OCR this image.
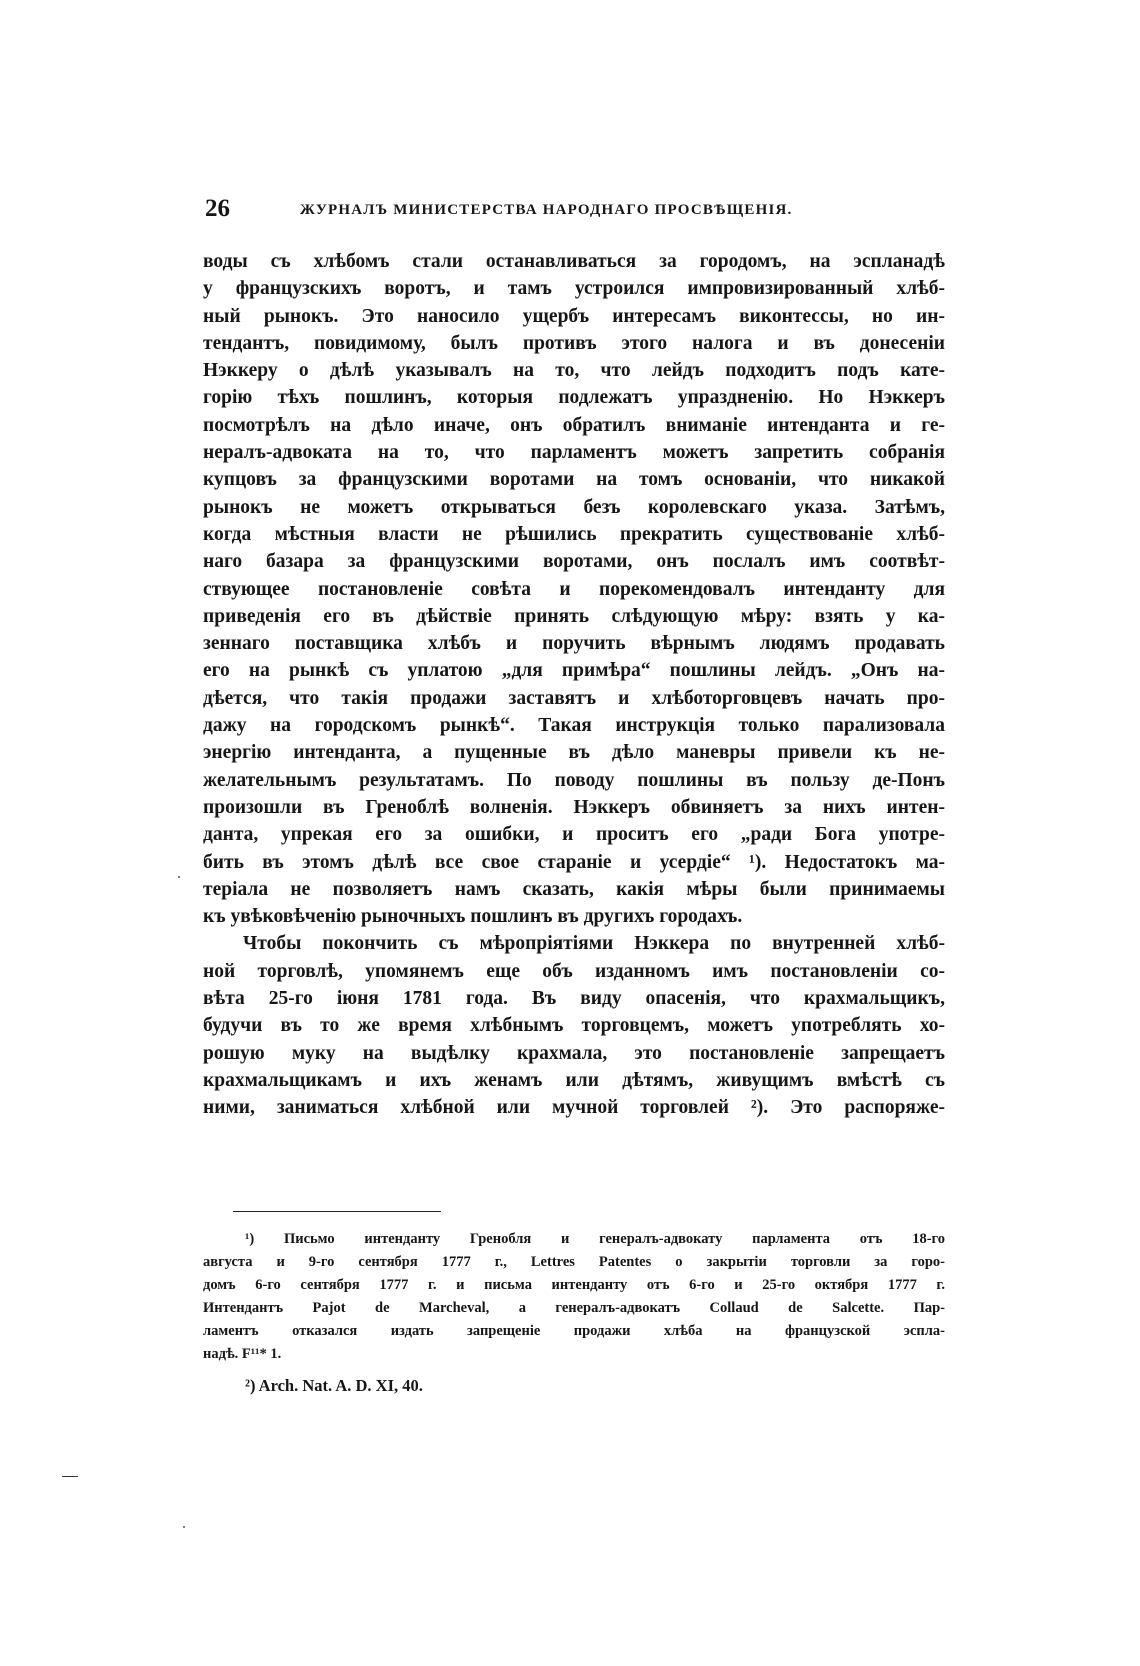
26	ЖУРНАЛЪ МИНИСТЕРСТВА НАРОДНАГО ПРОСВѢЩЕНІЯ.
воды съ хлѣбомъ стали останавливаться за городомъ, на эспланадѣ
у французскихъ воротъ, и тамъ устроился импровизированный хлѣб-
ный рынокъ. Это наносило ущербъ интересамъ виконтессы, но ин-
тендантъ, повидимому, былъ противъ этого налога и въ донесеніи
Нэккеру о дѣлѣ указывалъ на то, что лейдъ подходитъ подъ кате-
горію тѣхъ пошлинъ, которыя подлежатъ упраздненію. Но Нэккеръ
посмотрѣлъ на дѣло иначе, онъ обратилъ вниманіе интенданта и ге-
нералъ-адвоката на то, что парламентъ можетъ запретить собранія
купцовъ за французскими воротами на томъ основаніи, что никакой
рынокъ не можетъ открываться безъ королевскаго указа. Затѣмъ,
когда мѣстныя власти не рѣшились прекратить существованіе хлѣб-
наго базара за французскими воротами, онъ послалъ имъ соотвѣт-
ствующее постановленіе совѣта и порекомендовалъ интенданту для
приведенія его въ дѣйствіе принять слѣдующую мѣру: взять у ка-
зеннаго поставщика хлѣбъ и поручить вѣрнымъ людямъ продавать
его на рынкѣ съ уплатою „для примѣра“ пошлины лейдъ. „Онъ на-
дѣется, что такія продажи заставятъ и хлѣботорговцевъ начать про-
дажу на городскомъ рынкѣ“. Такая инструкція только парализовала
энергію интенданта, а пущенные въ дѣло маневры привели къ не-
желательнымъ результатамъ. По поводу пошлины въ пользу де-Понъ
произошли въ Греноблѣ волненія. Нэккеръ обвиняетъ за нихъ интен-
данта, упрекая его за ошибки, и проситъ его „ради Бога употре-
бить въ этомъ дѣлѣ все свое стараніе и усердіе“ ¹). Недостатокъ ма-
теріала не позволяетъ намъ сказать, какія мѣры были принимаемы
къ увѣковѣченію рыночныхъ пошлинъ въ другихъ городахъ.
Чтобы покончить съ мѣропріятіями Нэккера по внутренней хлѣб-
ной торговлѣ, упомянемъ еще объ изданномъ имъ постановленіи со-
вѣта 25-го іюня 1781 года. Въ виду опасенія, что крахмальщикъ,
будучи въ то же время хлѣбнымъ торговцемъ, можетъ употреблять хо-
рошую муку на выдѣлку крахмала, это постановленіе запрещаетъ
крахмальщикамъ и ихъ женамъ или дѣтямъ, живущимъ вмѣстѣ съ
ними, заниматься хлѣбной или мучной торговлей ²). Это распоряже-
¹) Письмо интенданту Гренобля и генералъ-адвокату парламента отъ 18-го
августа и 9-го сентября 1777 г., Lettres Patentes о закрытіи торговли за горо-
домъ 6-го сентября 1777 г. и письма интенданту отъ 6-го и 25-го октября 1777 г.
Интендантъ Pajot de Marcheval, а генералъ-адвокатъ Collaud de Salcette. Пар-
ламентъ отказался издать запрещеніе продажи хлѣба на французской эспла-
надѣ. F¹¹* 1.
²) Arch. Nat. A. D. XI, 40.
